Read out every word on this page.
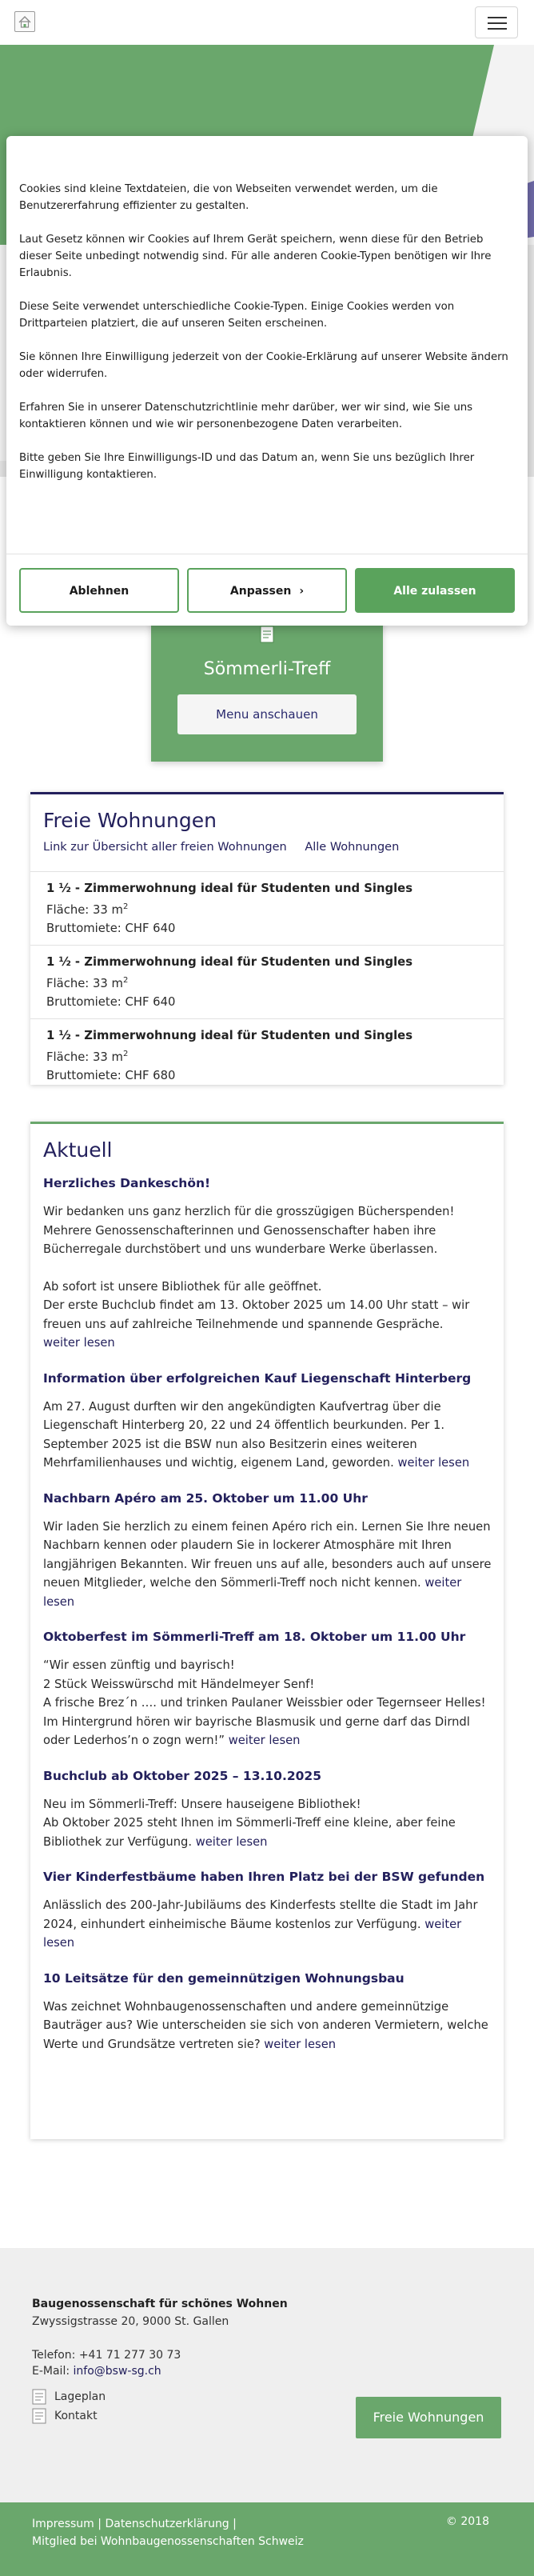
Sömmerli-Treff
Menu anschauen
Freie Wohnungen
Link zur Übersicht aller freien Wohnungen Alle Wohnungen
1 ½ - Zimmerwohnung ideal für Studenten und Singles
Fläche: 33 $m^2$
Bruttomiete: CHF 640
1 ½ - Zimmerwohnung ideal für Studenten und Singles
Fläche: 33 $m^2$
Bruttomiete: CHF 640
1 ½ - Zimmerwohnung ideal für Studenten und Singles
Fläche: 33 $m^2$
Bruttomiete: CHF 680
Aktuell
Herzliches Dankeschön!

Wir bedanken uns ganz herzlich für die grosszügigen Bücherspenden! Mehrere Genossenschafterinnen und Genossenschafter haben ihre Bücherregale durchstöbert und uns wunderbare Werke überlassen.

Ab sofort ist unsere Bibliothek für alle geöffnet.

Der erste Buchclub findet am 13. Oktober 2025 um 14.00 Uhr statt – wir freuen uns auf zahlreiche Teilnehmende und spannende Gespräche.

weiter lesen

Information über erfolgreichen Kauf Liegenschaft Hinterberg

Am 27. August durften wir den angekündigten Kaufvertrag über die Liegenschaft Hinterberg 20, 22 und 24 öffentlich beurkunden. Per 1. September 2025 ist die BSW nun also Besitzerin eines weiteren Mehrfamilienhauses und wichtig, eigenem Land, geworden. weiter lesen

Nachbarn Apéro am 25. Oktober um 11.00 Uhr

Wir laden Sie herzlich zu einem feinen Apéro rich ein. Lernen Sie Ihre neuen Nachbarn kennen oder plaudern Sie in lockerer Atmosphäre mit Ihren langjährigen Bekannten. Wir freuen uns auf alle, besonders auch auf unsere neuen Mitglieder, welche den Sömmerli-Treff noch nicht kennen. weiter lesen

Oktoberfest im Sömmerli-Treff am 18. Oktober um 11.00 Uhr

“Wir essen zünftig und bayrisch!

2 Stück Weisswürschd mit Händelmeyer Senf!

A frische Brez´n …. und trinken Paulaner Weissbier oder Tegernseer Helles! Im Hintergrund hören wir bayrische Blasmusik und gerne darf das Dirndl oder Lederhos’n o zogn wern!” weiter lesen

Buchclub ab Oktober 2025 – 13.10.2025

Neu im Sömmerli-Treff: Unsere hauseigene Bibliothek!

Ab Oktober 2025 steht Ihnen im Sömmerli-Treff eine kleine, aber feine Bibliothek zur Verfügung. weiter lesen

Vier Kinderfestbäume haben Ihren Platz bei der BSW gefunden

Anlässlich des 200-Jahr-Jubiläums des Kinderfests stellte die Stadt im Jahr 2024, einhundert einheimische Bäume kostenlos zur Verfügung. weiter lesen

10 Leitsätze für den gemeinnützigen Wohnungsbau

Was zeichnet Wohnbaugenossenschaften und andere gemeinnützige Bauträger aus? Wie unterscheiden sie sich von anderen Vermietern, welche Werte und Grundsätze vertreten sie? weiter lesen

Baugenossenschaft für schönes Wohnen
Zwyssigstrasse 20, 9000 St. Gallen
Telefon: +41 71 277 30 73
E-Mail: info@bsw-sg.ch
Lageplan
Kontakt	Freie Wohnungen
Impressum | Datenschutzerklärung |
Mitglied bei Wohnbaugenossenschaften Schweiz
© 2018

Cookies sind kleine Textdateien, die von Webseiten verwendet werden, um die Benutzererfahrung effizienter zu gestalten.

Laut Gesetz können wir Cookies auf Ihrem Gerät speichern, wenn diese für den Betrieb dieser Seite unbedingt notwendig sind. Für alle anderen Cookie-Typen benötigen wir Ihre Erlaubnis.

Diese Seite verwendet unterschiedliche Cookie-Typen. Einige Cookies werden von Drittparteien platziert, die auf unseren Seiten erscheinen.

Sie können Ihre Einwilligung jederzeit von der Cookie-Erklärung auf unserer Website ändern oder widerrufen.

Erfahren Sie in unserer Datenschutzrichtlinie mehr darüber, wer wir sind, wie Sie uns kontaktieren können und wie wir personenbezogene Daten verarbeiten.

Bitte geben Sie Ihre Einwilligungs-ID und das Datum an, wenn Sie uns bezüglich Ihrer Einwilligung kontaktieren.

Ablehnen	Anpassen ›	Alle zulassen
